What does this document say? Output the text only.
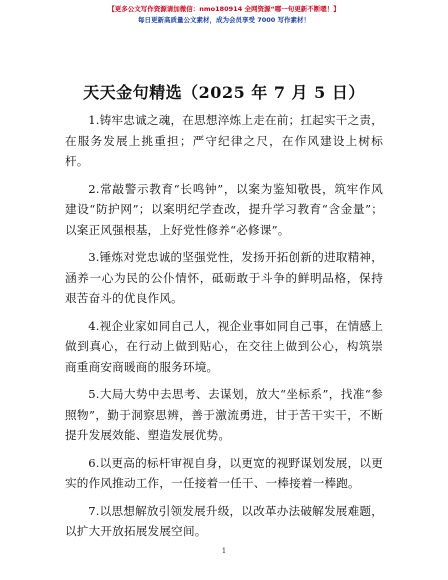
【更多公文写作资源请加微信：nmo180914 全网资源“哪一句更新不断嗯！】
每日更新高质量公文素材，成为会员享受 7000 写作素材！
天天金句精选（2025 年 7 月 5 日）

1.铸牢忠诚之魂，在思想淬炼上走在前；扛起实干之责，在服务发展上挑重担；严守纪律之尺，在作风建设上树标杆。

2.常敲警示教育“长鸣钟”，以案为鉴知敬畏，筑牢作风建设“防护网”；以案明纪学查改，提升学习教育“含金量”；以案正风强根基，上好党性修养“必修课”。

3.锤炼对党忠诚的坚强党性，发扬开拓创新的进取精神，涵养一心为民的公仆情怀，砥砺敢于斗争的鲜明品格，保持艰苦奋斗的优良作风。

4.视企业家如同自己人，视企业事如同自己事，在情感上做到真心，在行动上做到贴心，在交往上做到公心，构筑崇商重商安商暖商的服务环境。

5.大局大势中去思考、去谋划，放大“坐标系”，找准“参照物”，勤于洞察思辨，善于激流勇进，甘于苦干实干，不断提升发展效能、塑造发展优势。

6.以更高的标杆审视自身，以更宽的视野谋划发展，以更实的作风推动工作，一任接着一任干、一棒接着一棒跑。

7.以思想解放引领发展升级，以改革办法破解发展难题，以扩大开放拓展发展空间。

1
